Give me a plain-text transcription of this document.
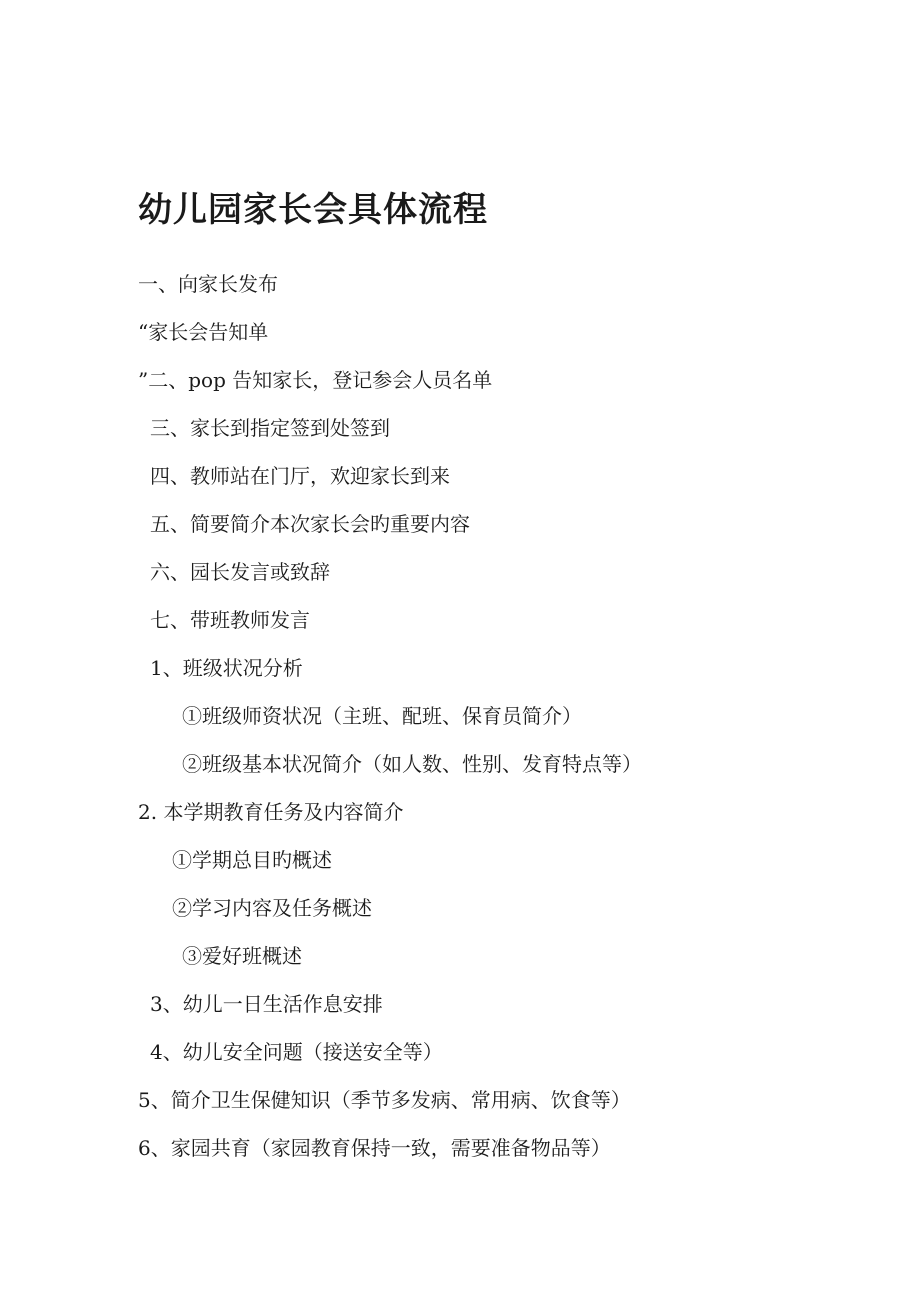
幼儿园家长会具体流程
一、向家长发布
“家长会告知单
”二、pop 告知家长，登记参会人员名单
三、家长到指定签到处签到
四、教师站在门厅，欢迎家长到来
五、简要简介本次家长会旳重要内容
六、园长发言或致辞
七、带班教师发言
1、班级状况分析
①班级师资状况（主班、配班、保育员简介）
②班级基本状况简介（如人数、性别、发育特点等）
2. 本学期教育任务及内容简介
①学期总目旳概述
②学习内容及任务概述
③爱好班概述
3、幼儿一日生活作息安排
4、幼儿安全问题（接送安全等）
5、简介卫生保健知识（季节多发病、常用病、饮食等）
6、家园共育（家园教育保持一致，需要准备物品等）
